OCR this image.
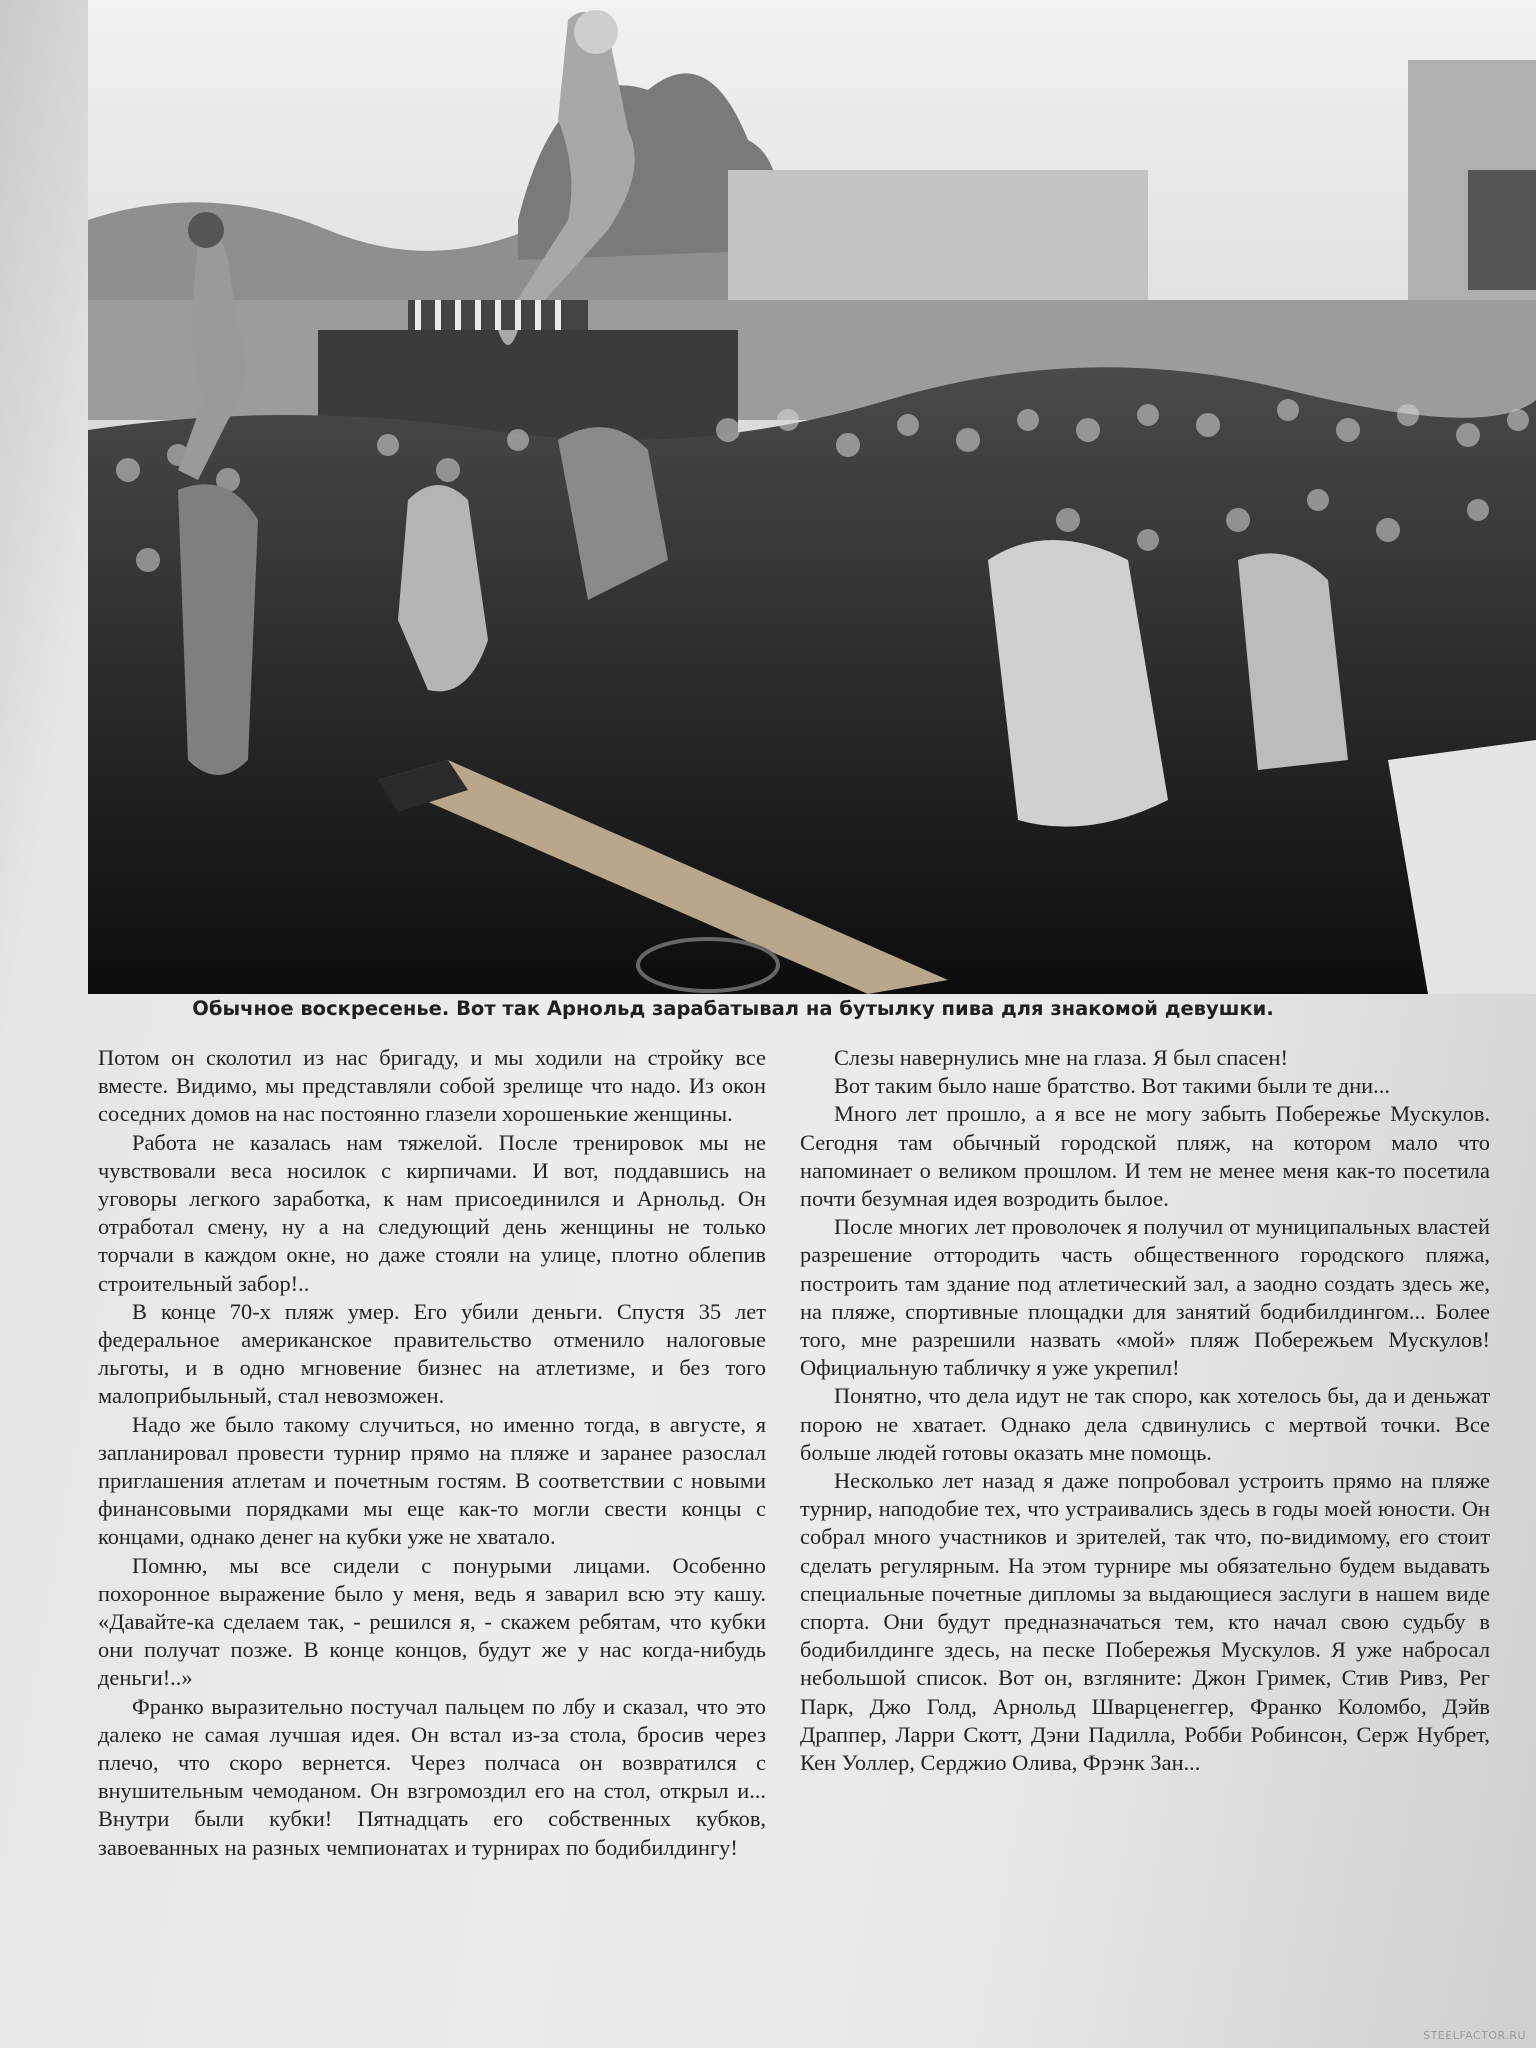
Обычное воскресенье. Вот так Арнольд зарабатывал на бутылку пива для знакомой девушки.

Потом он сколотил из нас бригаду, и мы ходили на стройку все вместе. Видимо, мы представляли собой зрелище что надо. Из окон соседних домов на нас постоянно глазели хорошенькие женщины.

Работа не казалась нам тяжелой. После тренировок мы не чувствовали веса носилок с кирпичами. И вот, поддавшись на уговоры легкого заработка, к нам присоединился и Арнольд. Он отработал смену, ну а на следующий день женщины не только торчали в каждом окне, но даже стояли на улице, плотно облепив строительный забор!..

В конце 70-х пляж умер. Его убили деньги. Спустя 35 лет федеральное американское правительство отменило налоговые льготы, и в одно мгновение бизнес на атлетизме, и без того малоприбыльный, стал невозможен.

Надо же было такому случиться, но именно тогда, в августе, я запланировал провести турнир прямо на пляже и заранее разослал приглашения атлетам и почетным гостям. В соответствии с новыми финансовыми порядками мы еще как-то могли свести концы с концами, однако денег на кубки уже не хватало.

Помню, мы все сидели с понурыми лицами. Особенно похоронное выражение было у меня, ведь я заварил всю эту кашу. «Давайте-ка сделаем так, - решился я, - скажем ребятам, что кубки они получат позже. В конце концов, будут же у нас когда-нибудь деньги!..»

Франко выразительно постучал пальцем по лбу и сказал, что это далеко не самая лучшая идея. Он встал из-за стола, бросив через плечо, что скоро вернется. Через полчаса он возвратился с внушительным чемоданом. Он взгромоздил его на стол, открыл и... Внутри были кубки! Пятнадцать его собственных кубков, завоеванных на разных чемпионатах и турнирах по бодибилдингу!

Слезы навернулись мне на глаза. Я был спасен!

Вот таким было наше братство. Вот такими были те дни...

Много лет прошло, а я все не могу забыть Побережье Мускулов. Сегодня там обычный городской пляж, на котором мало что напоминает о великом прошлом. И тем не менее меня как-то посетила почти безумная идея возродить былое.

После многих лет проволочек я получил от муниципальных властей разрешение оттородить часть общественного городского пляжа, построить там здание под атлетический зал, а заодно создать здесь же, на пляже, спортивные площадки для занятий бодибилдингом... Более того, мне разрешили назвать «мой» пляж Побережьем Мускулов! Официальную табличку я уже укрепил!

Понятно, что дела идут не так споро, как хотелось бы, да и деньжат порою не хватает. Однако дела сдвинулись с мертвой точки. Все больше людей готовы оказать мне помощь.

Несколько лет назад я даже попробовал устроить прямо на пляже турнир, наподобие тех, что устраивались здесь в годы моей юности. Он собрал много участников и зрителей, так что, по-видимому, его стоит сделать регулярным. На этом турнире мы обязательно будем выдавать специальные почетные дипломы за выдающиеся заслуги в нашем виде спорта. Они будут предназначаться тем, кто начал свою судьбу в бодибилдинге здесь, на песке Побережья Мускулов. Я уже набросал небольшой список. Вот он, взгляните: Джон Гримек, Стив Ривз, Рег Парк, Джо Голд, Арнольд Шварценеггер, Франко Коломбо, Дэйв Драппер, Ларри Скотт, Дэни Падилла, Робби Робинсон, Серж Нубрет, Кен Уоллер, Серджио Олива, Фрэнк Зан...

STEELFACTOR.RU
